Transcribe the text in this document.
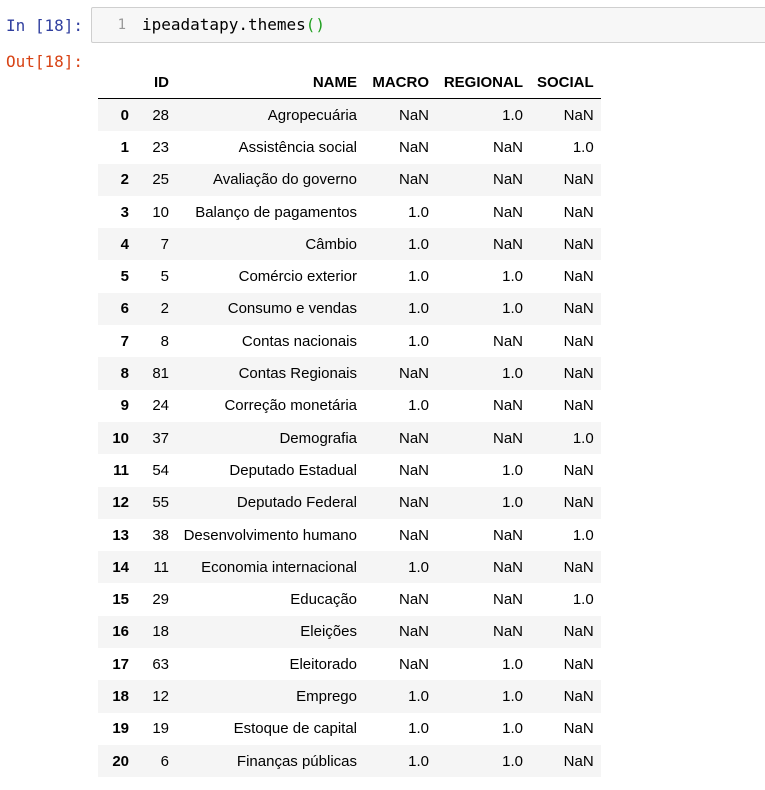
In [18]:	1 ipeadatapy.themes()
Out[18]:
	ID	NAME	MACRO	REGIONAL	SOCIAL
0	28	Agropecuária	NaN	1.0	NaN
1	23	Assistência social	NaN	NaN	1.0
2	25	Avaliação do governo	NaN	NaN	NaN
3	10	Balanço de pagamentos	1.0	NaN	NaN
4	7	Câmbio	1.0	NaN	NaN
5	5	Comércio exterior	1.0	1.0	NaN
6	2	Consumo e vendas	1.0	1.0	NaN
7	8	Contas nacionais	1.0	NaN	NaN
8	81	Contas Regionais	NaN	1.0	NaN
9	24	Correção monetária	1.0	NaN	NaN
10	37	Demografia	NaN	NaN	1.0
11	54	Deputado Estadual	NaN	1.0	NaN
12	55	Deputado Federal	NaN	1.0	NaN
13	38	Desenvolvimento humano	NaN	NaN	1.0
14	11	Economia internacional	1.0	NaN	NaN
15	29	Educação	NaN	NaN	1.0
16	18	Eleições	NaN	NaN	NaN
17	63	Eleitorado	NaN	1.0	NaN
18	12	Emprego	1.0	1.0	NaN
19	19	Estoque de capital	1.0	1.0	NaN
20	6	Finanças públicas	1.0	1.0	NaN
